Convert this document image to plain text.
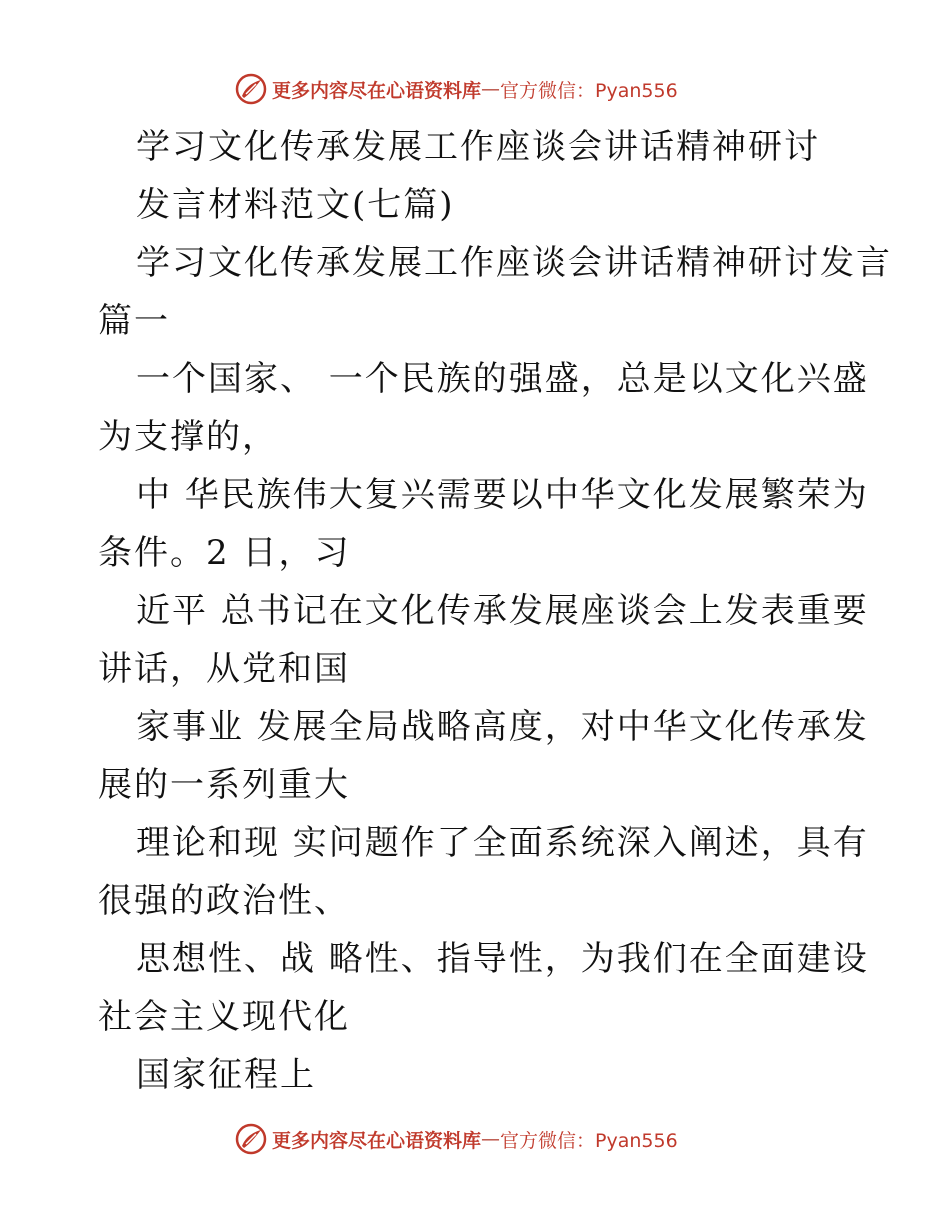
更多内容尽在心语资料库 — 官方微信：Pyan556
学习文化传承发展工作座谈会讲话精神研讨
发言材料范文(七篇)
学习文化传承发展工作座谈会讲话精神研讨发言
篇一
一个国家、 一个民族的强盛，总是以文化兴盛
为支撑的，
中 华民族伟大复兴需要以中华文化发展繁荣为
条件。2 日，习
近平 总书记在文化传承发展座谈会上发表重要
讲话，从党和国
家事业 发展全局战略高度，对中华文化传承发
展的一系列重大
理论和现 实问题作了全面系统深入阐述，具有
很强的政治性、
思想性、战 略性、指导性，为我们在全面建设
社会主义现代化
国家征程上
更多内容尽在心语资料库 — 官方微信：Pyan556
